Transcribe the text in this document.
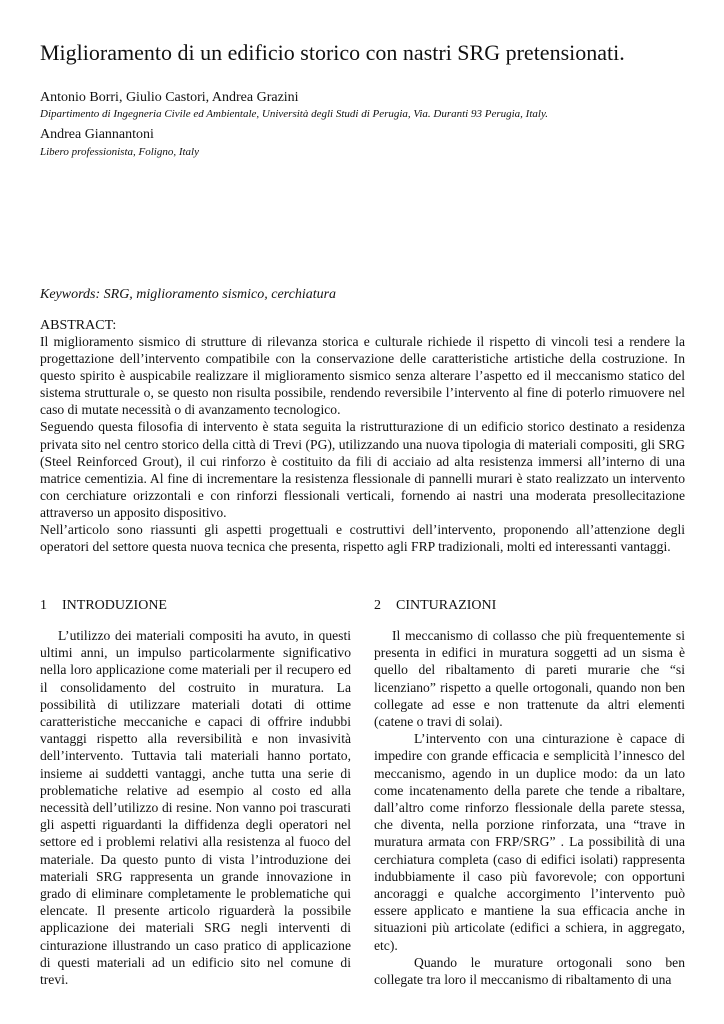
Miglioramento di un edificio storico con nastri SRG pretensionati.
Antonio Borri, Giulio Castori, Andrea Grazini
Dipartimento di Ingegneria Civile ed Ambientale, Università degli Studi di Perugia, Via. Duranti 93 Perugia, Italy.
Andrea Giannantoni
Libero professionista, Foligno, Italy
Keywords: SRG, miglioramento sismico, cerchiatura
ABSTRACT:

Il miglioramento sismico di strutture di rilevanza storica e culturale richiede il rispetto di vincoli tesi a rendere la progettazione dell’intervento compatibile con la conservazione delle caratteristiche artistiche della costruzione. In questo spirito è auspicabile realizzare il miglioramento sismico senza alterare l’aspetto ed il meccanismo statico del sistema strutturale o, se questo non risulta possibile, rendendo reversibile l’intervento al fine di poterlo rimuovere nel caso di mutate necessità o di avanzamento tecnologico.

Seguendo questa filosofia di intervento è stata seguita la ristrutturazione di un edificio storico destinato a residenza privata sito nel centro storico della città di Trevi (PG), utilizzando una nuova tipologia di materiali compositi, gli SRG (Steel Reinforced Grout), il cui rinforzo è costituito da fili di acciaio ad alta resistenza immersi all’interno di una matrice cementizia. Al fine di incrementare la resistenza flessionale di pannelli murari è stato realizzato un intervento con cerchiature orizzontali e con rinforzi flessionali verticali, fornendo ai nastri una moderata presollecitazione attraverso un apposito dispositivo.

Nell’articolo sono riassunti gli aspetti progettuali e costruttivi dell’intervento, proponendo all’attenzione degli operatori del settore questa nuova tecnica che presenta, rispetto agli FRP tradizionali, molti ed interessanti vantaggi.

1 INTRODUZIONE

L’utilizzo dei materiali compositi ha avuto, in questi ultimi anni, un impulso particolarmente significativo nella loro applicazione come materiali per il recupero ed il consolidamento del costruito in muratura. La possibilità di utilizzare materiali dotati di ottime caratteristiche meccaniche e capaci di offrire indubbi vantaggi rispetto alla reversibilità e non invasività dell’intervento. Tuttavia tali materiali hanno portato, insieme ai suddetti vantaggi, anche tutta una serie di problematiche relative ad esempio al costo ed alla necessità dell’utilizzo di resine. Non vanno poi trascurati gli aspetti riguardanti la diffidenza degli operatori nel settore ed i problemi relativi alla resistenza al fuoco del materiale. Da questo punto di vista l’introduzione dei materiali SRG rappresenta un grande innovazione in grado di eliminare completamente le problematiche qui elencate. Il presente articolo riguarderà la possibile applicazione dei materiali SRG negli interventi di cinturazione illustrando un caso pratico di applicazione di questi materiali ad un edificio sito nel comune di trevi.

2 CINTURAZIONI

Il meccanismo di collasso che più frequentemente si presenta in edifici in muratura soggetti ad un sisma è quello del ribaltamento di pareti murarie che “si licenziano” rispetto a quelle ortogonali, quando non ben collegate ad esse e non trattenute da altri elementi (catene o travi di solai).

L’intervento con una cinturazione è capace di impedire con grande efficacia e semplicità l’innesco del meccanismo, agendo in un duplice modo: da un lato come incatenamento della parete che tende a ribaltare, dall’altro come rinforzo flessionale della parete stessa, che diventa, nella porzione rinforzata, una “trave in muratura armata con FRP/SRG” . La possibilità di una cerchiatura completa (caso di edifici isolati) rappresenta indubbiamente il caso più favorevole; con opportuni ancoraggi e qualche accorgimento l’intervento può essere applicato e mantiene la sua efficacia anche in situazioni più articolate (edifici a schiera, in aggregato, etc).

Quando le murature ortogonali sono ben collegate tra loro il meccanismo di ribaltamento di una
